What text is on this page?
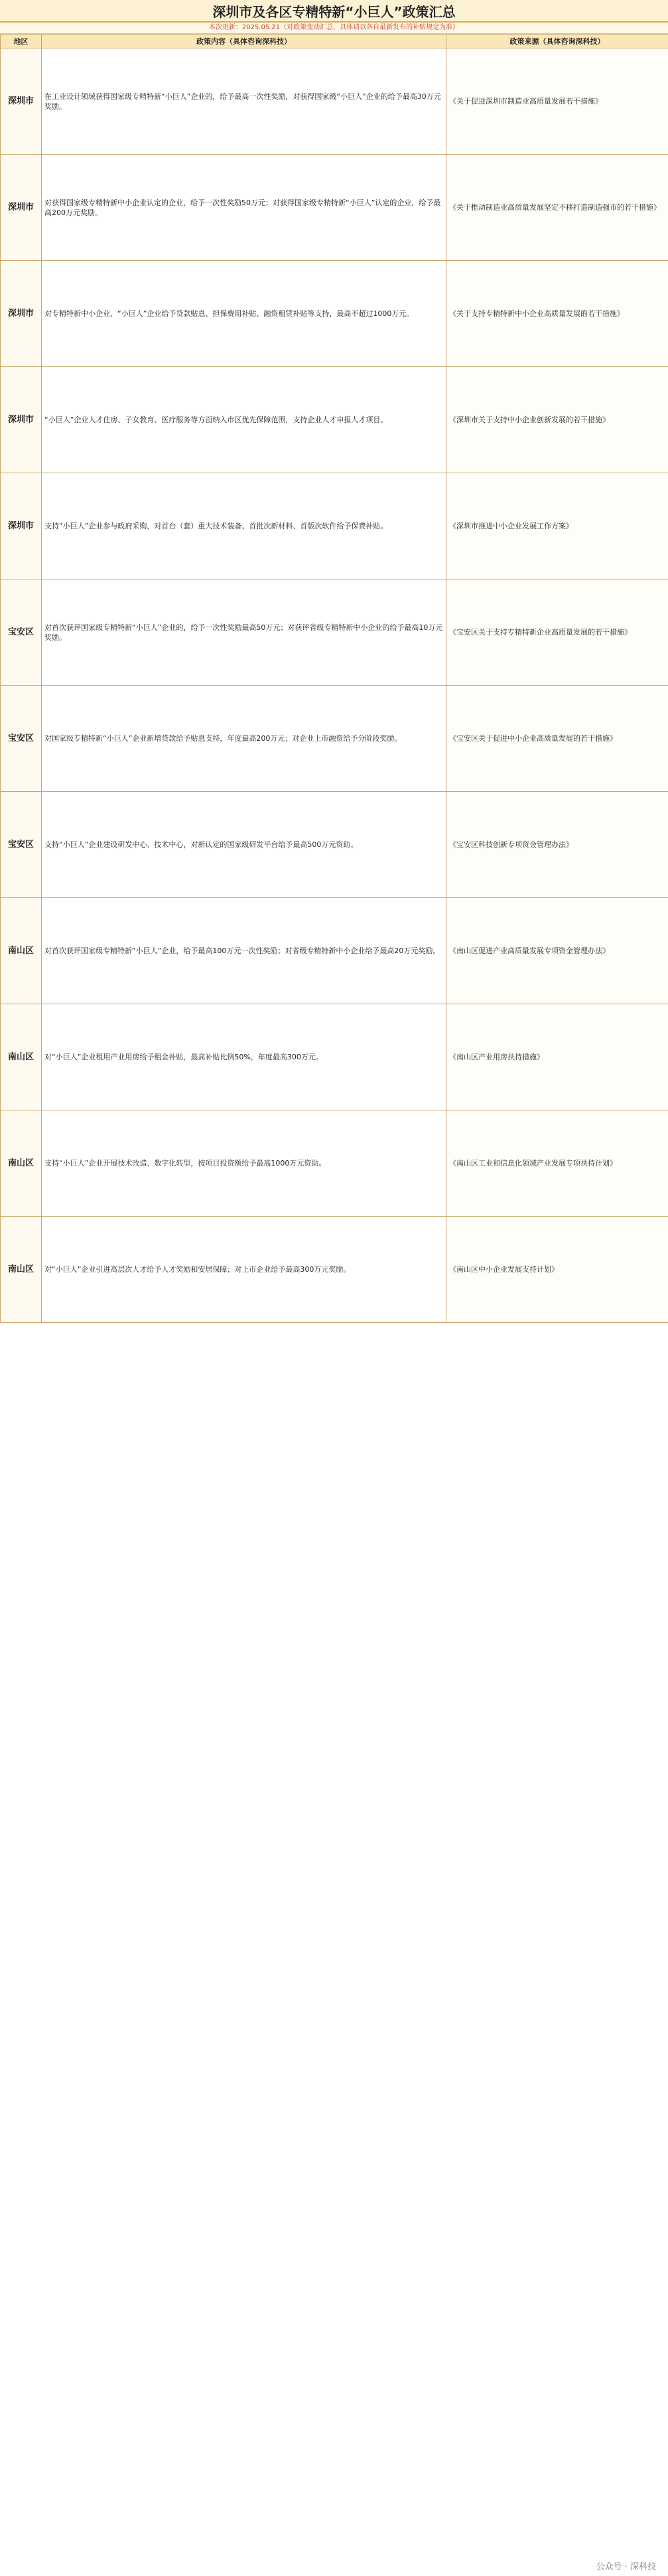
深圳市及各区专精特新“小巨人”政策汇总
本次更新：2025.05.21（对政策变动汇总，具体请以各自最新发布的补贴规定为准）
地区	政策内容（具体咨询深科技）	政策来源（具体咨询深科技）
深圳市	在工业设计领域获得国家级专精特新“小巨人”企业的，给予最高一次性奖励，对获得国家级“小巨人”企业的给予最高30万元奖励。	《关于促进深圳市制造业高质量发展若干措施》
深圳市	对获得国家级专精特新中小企业认定的企业，给予一次性奖励50万元；对获得国家级专精特新“小巨人”认定的企业，给予最高200万元奖励。	《关于推动制造业高质量发展坚定不移打造制造强市的若干措施》
深圳市	对专精特新中小企业、“小巨人”企业给予贷款贴息、担保费用补贴、融资租赁补贴等支持，最高不超过1000万元。	《关于支持专精特新中小企业高质量发展的若干措施》
深圳市	“小巨人”企业人才住房、子女教育、医疗服务等方面纳入市区优先保障范围，支持企业人才申报人才项目。	《深圳市关于支持中小企业创新发展的若干措施》
深圳市	支持“小巨人”企业参与政府采购，对首台（套）重大技术装备、首批次新材料、首版次软件给予保费补贴。	《深圳市推进中小企业发展工作方案》
宝安区	对首次获评国家级专精特新“小巨人”企业的，给予一次性奖励最高50万元；对获评省级专精特新中小企业的给予最高10万元奖励。	《宝安区关于支持专精特新企业高质量发展的若干措施》
宝安区	对国家级专精特新“小巨人”企业新增贷款给予贴息支持，年度最高200万元；对企业上市融资给予分阶段奖励。	《宝安区关于促进中小企业高质量发展的若干措施》
宝安区	支持“小巨人”企业建设研发中心、技术中心，对新认定的国家级研发平台给予最高500万元资助。	《宝安区科技创新专项资金管理办法》
南山区	对首次获评国家级专精特新“小巨人”企业，给予最高100万元一次性奖励；对省级专精特新中小企业给予最高20万元奖励。	《南山区促进产业高质量发展专项资金管理办法》
南山区	对“小巨人”企业租用产业用房给予租金补贴，最高补贴比例50%，年度最高300万元。	《南山区产业用房扶持措施》
南山区	支持“小巨人”企业开展技术改造、数字化转型，按项目投资额给予最高1000万元资助。	《南山区工业和信息化领域产业发展专项扶持计划》
南山区	对“小巨人”企业引进高层次人才给予人才奖励和安居保障；对上市企业给予最高300万元奖励。	《南山区中小企业发展支持计划》
公众号 · 深科技
